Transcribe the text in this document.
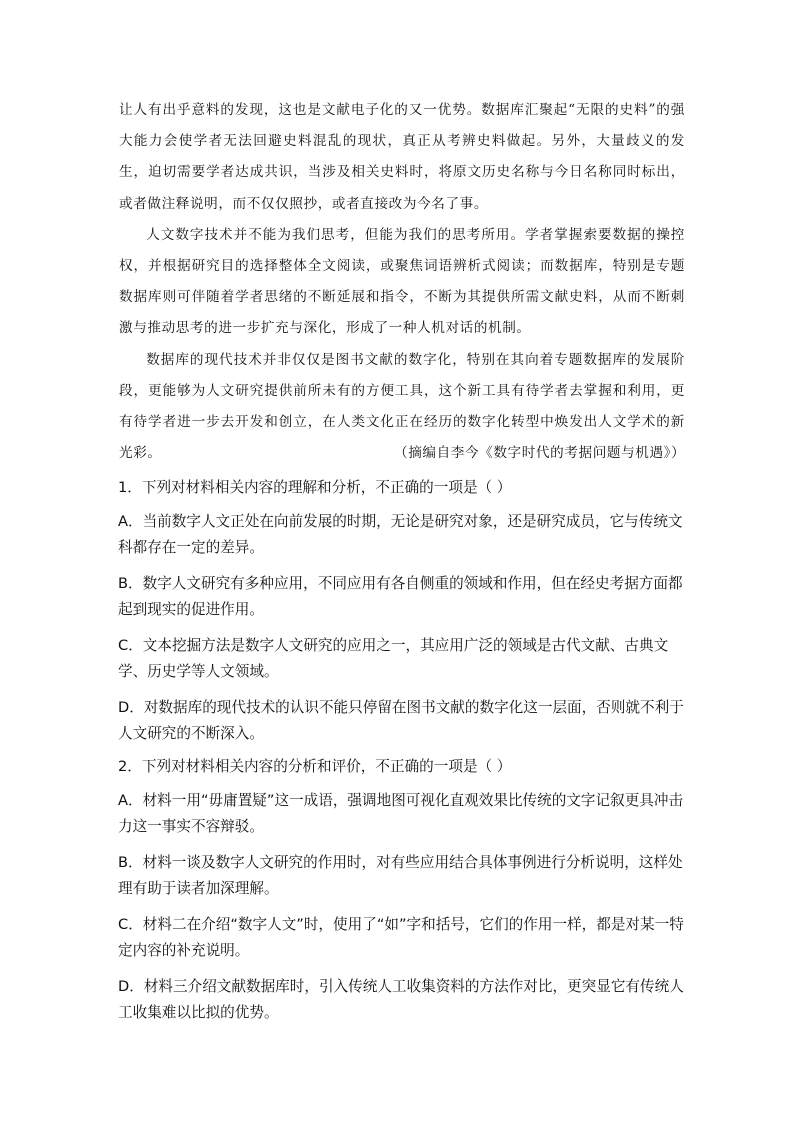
让人有出乎意料的发现，这也是文献电子化的又一优势。数据库汇聚起“无限的史料”的强大能力会使学者无法回避史料混乱的现状，真正从考辨史料做起。另外，大量歧义的发生，迫切需要学者达成共识，当涉及相关史料时，将原文历史名称与今日名称同时标出，或者做注释说明，而不仅仅照抄，或者直接改为今名了事。

人文数字技术并不能为我们思考，但能为我们的思考所用。学者掌握索要数据的操控权，并根据研究目的选择整体全文阅读，或聚焦词语辨析式阅读；而数据库，特别是专题数据库则可伴随着学者思绪的不断延展和指令，不断为其提供所需文献史料，从而不断刺激与推动思考的进一步扩充与深化，形成了一种人机对话的机制。

数据库的现代技术并非仅仅是图书文献的数字化，特别在其向着专题数据库的发展阶段，更能够为人文研究提供前所未有的方便工具，这个新工具有待学者去掌握和利用，更有待学者进一步去开发和创立，在人类文化正在经历的数字化转型中焕发出人文学术的新光彩。	（摘编自李今《数字时代的考据问题与机遇》）

1．下列对材料相关内容的理解和分析，不正确的一项是（ ）

A．当前数字人文正处在向前发展的时期，无论是研究对象，还是研究成员，它与传统文科都存在一定的差异。

B．数字人文研究有多种应用，不同应用有各自侧重的领域和作用，但在经史考据方面都起到现实的促进作用。

C．文本挖掘方法是数字人文研究的应用之一，其应用广泛的领域是古代文献、古典文学、历史学等人文领域。

D．对数据库的现代技术的认识不能只停留在图书文献的数字化这一层面，否则就不利于人文研究的不断深入。

2．下列对材料相关内容的分析和评价，不正确的一项是（ ）

A．材料一用“毋庸置疑”这一成语，强调地图可视化直观效果比传统的文字记叙更具冲击力这一事实不容辩驳。

B．材料一谈及数字人文研究的作用时，对有些应用结合具体事例进行分析说明，这样处理有助于读者加深理解。

C．材料二在介绍“数字人文”时，使用了“如”字和括号，它们的作用一样，都是对某一特定内容的补充说明。

D．材料三介绍文献数据库时，引入传统人工收集资料的方法作对比，更突显它有传统人工收集难以比拟的优势。
